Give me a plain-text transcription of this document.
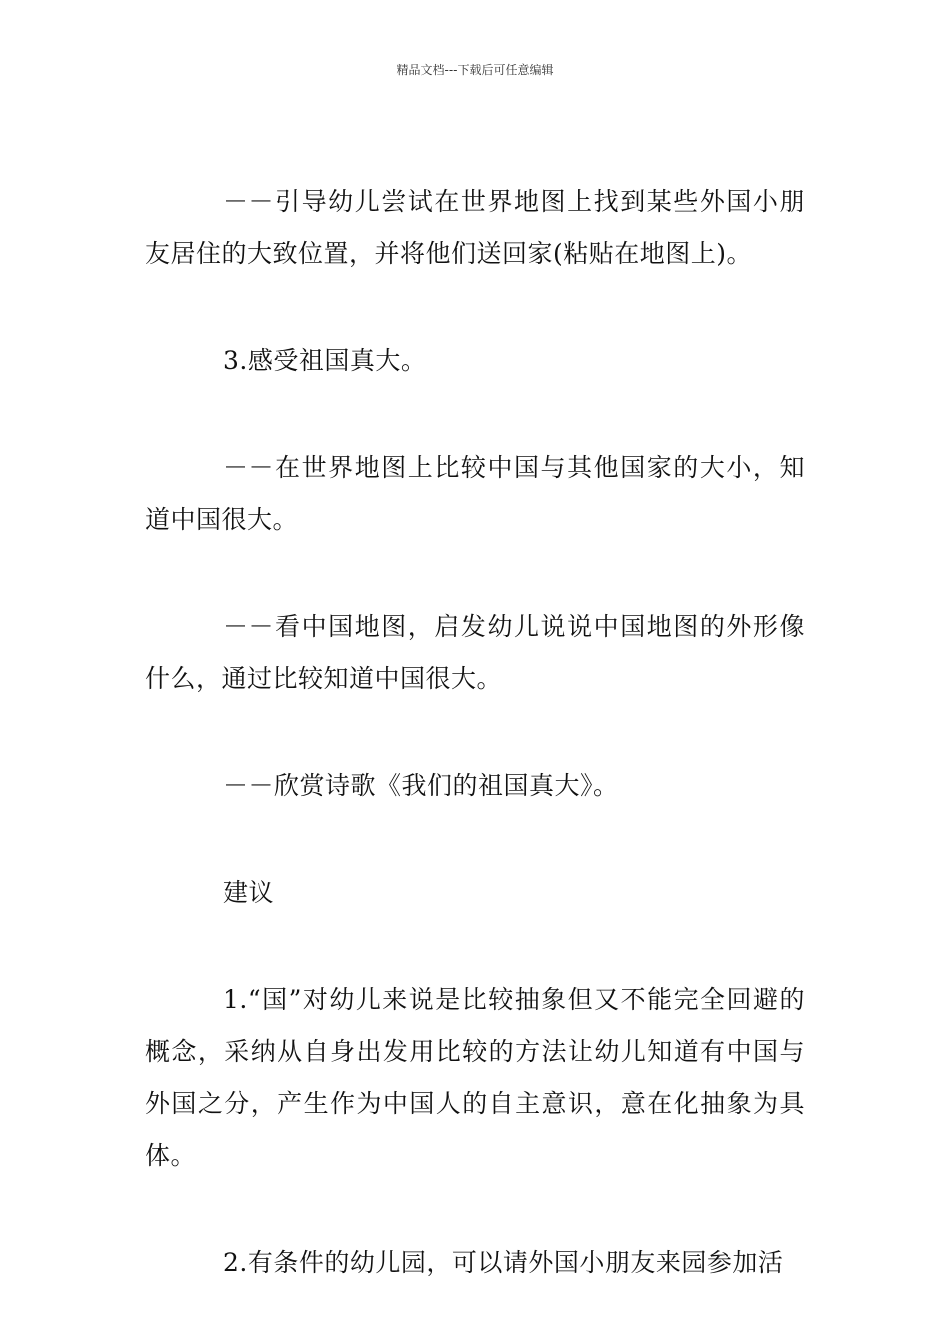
精品文档---下载后可任意编辑

－－引导幼儿尝试在世界地图上找到某些外国小朋友居住的大致位置，并将他们送回家(粘贴在地图上)。

3.感受祖国真大。

－－在世界地图上比较中国与其他国家的大小，知道中国很大。

－－看中国地图，启发幼儿说说中国地图的外形像什么，通过比较知道中国很大。

－－欣赏诗歌《我们的祖国真大》。

建议

1.“国”对幼儿来说是比较抽象但又不能完全回避的概念，采纳从自身出发用比较的方法让幼儿知道有中国与外国之分，产生作为中国人的自主意识，意在化抽象为具体。

2.有条件的幼儿园，可以请外国小朋友来园参加活
